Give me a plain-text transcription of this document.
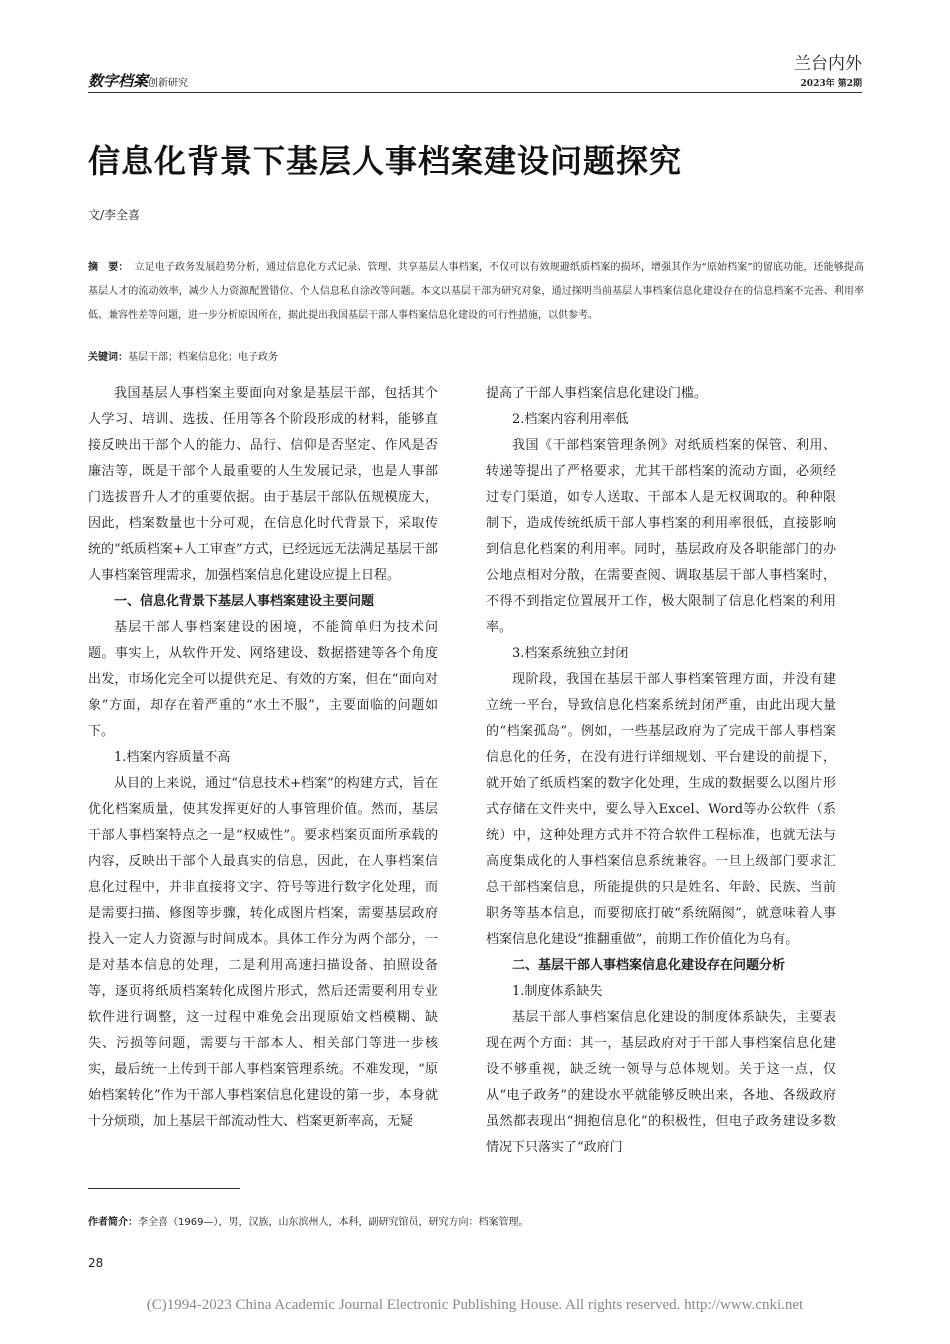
数字档案创新研究
兰台内外
2023年 第2期
信息化背景下基层人事档案建设问题探究
文/李全喜

摘　要： 立足电子政务发展趋势分析，通过信息化方式记录、管理、共享基层人事档案，不仅可以有效规避纸质档案的损坏，增强其作为“原始档案”的留底功能，还能够提高基层人才的流动效率，减少人力资源配置错位、个人信息私自涂改等问题。本文以基层干部为研究对象，通过探明当前基层人事档案信息化建设存在的信息档案不完善、利用率低、兼容性差等问题，进一步分析原因所在，据此提出我国基层干部人事档案信息化建设的可行性措施，以供参考。

关键词：基层干部；档案信息化；电子政务

我国基层人事档案主要面向对象是基层干部，包括其个人学习、培训、选拔、任用等各个阶段形成的材料，能够直接反映出干部个人的能力、品行、信仰是否坚定、作风是否廉洁等，既是干部个人最重要的人生发展记录，也是人事部门选拔晋升人才的重要依据。由于基层干部队伍规模庞大，因此，档案数量也十分可观，在信息化时代背景下，采取传统的“纸质档案+人工审查”方式，已经远远无法满足基层干部人事档案管理需求，加强档案信息化建设应提上日程。

一、信息化背景下基层人事档案建设主要问题

基层干部人事档案建设的困境，不能简单归为技术问题。事实上，从软件开发、网络建设、数据搭建等各个角度出发，市场化完全可以提供充足、有效的方案，但在“面向对象”方面，却存在着严重的“水土不服”，主要面临的问题如下。

1.档案内容质量不高

从目的上来说，通过“信息技术+档案”的构建方式，旨在优化档案质量，使其发挥更好的人事管理价值。然而，基层干部人事档案特点之一是“权威性”。要求档案页面所承载的内容，反映出干部个人最真实的信息，因此，在人事档案信息化过程中，并非直接将文字、符号等进行数字化处理，而是需要扫描、修图等步骤，转化成图片档案，需要基层政府投入一定人力资源与时间成本。具体工作分为两个部分，一是对基本信息的处理，二是利用高速扫描设备、拍照设备等，逐页将纸质档案转化成图片形式，然后还需要利用专业软件进行调整，这一过程中难免会出现原始文档模糊、缺失、污损等问题，需要与干部本人、相关部门等进一步核实，最后统一上传到干部人事档案管理系统。不难发现，“原始档案转化”作为干部人事档案信息化建设的第一步，本身就十分烦琐，加上基层干部流动性大、档案更新率高，无疑

提高了干部人事档案信息化建设门槛。

2.档案内容利用率低

我国《干部档案管理条例》对纸质档案的保管、利用、转递等提出了严格要求，尤其干部档案的流动方面，必须经过专门渠道，如专人送取、干部本人是无权调取的。种种限制下，造成传统纸质干部人事档案的利用率很低，直接影响到信息化档案的利用率。同时，基层政府及各职能部门的办公地点相对分散，在需要查阅、调取基层干部人事档案时，不得不到指定位置展开工作，极大限制了信息化档案的利用率。

3.档案系统独立封闭

现阶段，我国在基层干部人事档案管理方面，并没有建立统一平台，导致信息化档案系统封闭严重，由此出现大量的“档案孤岛”。例如，一些基层政府为了完成干部人事档案信息化的任务，在没有进行详细规划、平台建设的前提下，就开始了纸质档案的数字化处理，生成的数据要么以图片形式存储在文件夹中，要么导入Excel、Word等办公软件（系统）中，这种处理方式并不符合软件工程标准，也就无法与高度集成化的人事档案信息系统兼容。一旦上级部门要求汇总干部档案信息，所能提供的只是姓名、年龄、民族、当前职务等基本信息，而要彻底打破“系统隔阂”，就意味着人事档案信息化建设“推翻重做”，前期工作价值化为乌有。

二、基层干部人事档案信息化建设存在问题分析
1.制度体系缺失

基层干部人事档案信息化建设的制度体系缺失，主要表现在两个方面：其一，基层政府对于干部人事档案信息化建设不够重视，缺乏统一领导与总体规划。关于这一点，仅从“电子政务”的建设水平就能够反映出来，各地、各级政府虽然都表现出“拥抱信息化”的积极性，但电子政务建设多数情况下只落实了“政府门

作者简介：李全喜（1969—），男，汉族，山东滨州人，本科，副研究馆员，研究方向：档案管理。

28
(C)1994-2023 China Academic Journal Electronic Publishing House. All rights reserved. http://www.cnki.net
